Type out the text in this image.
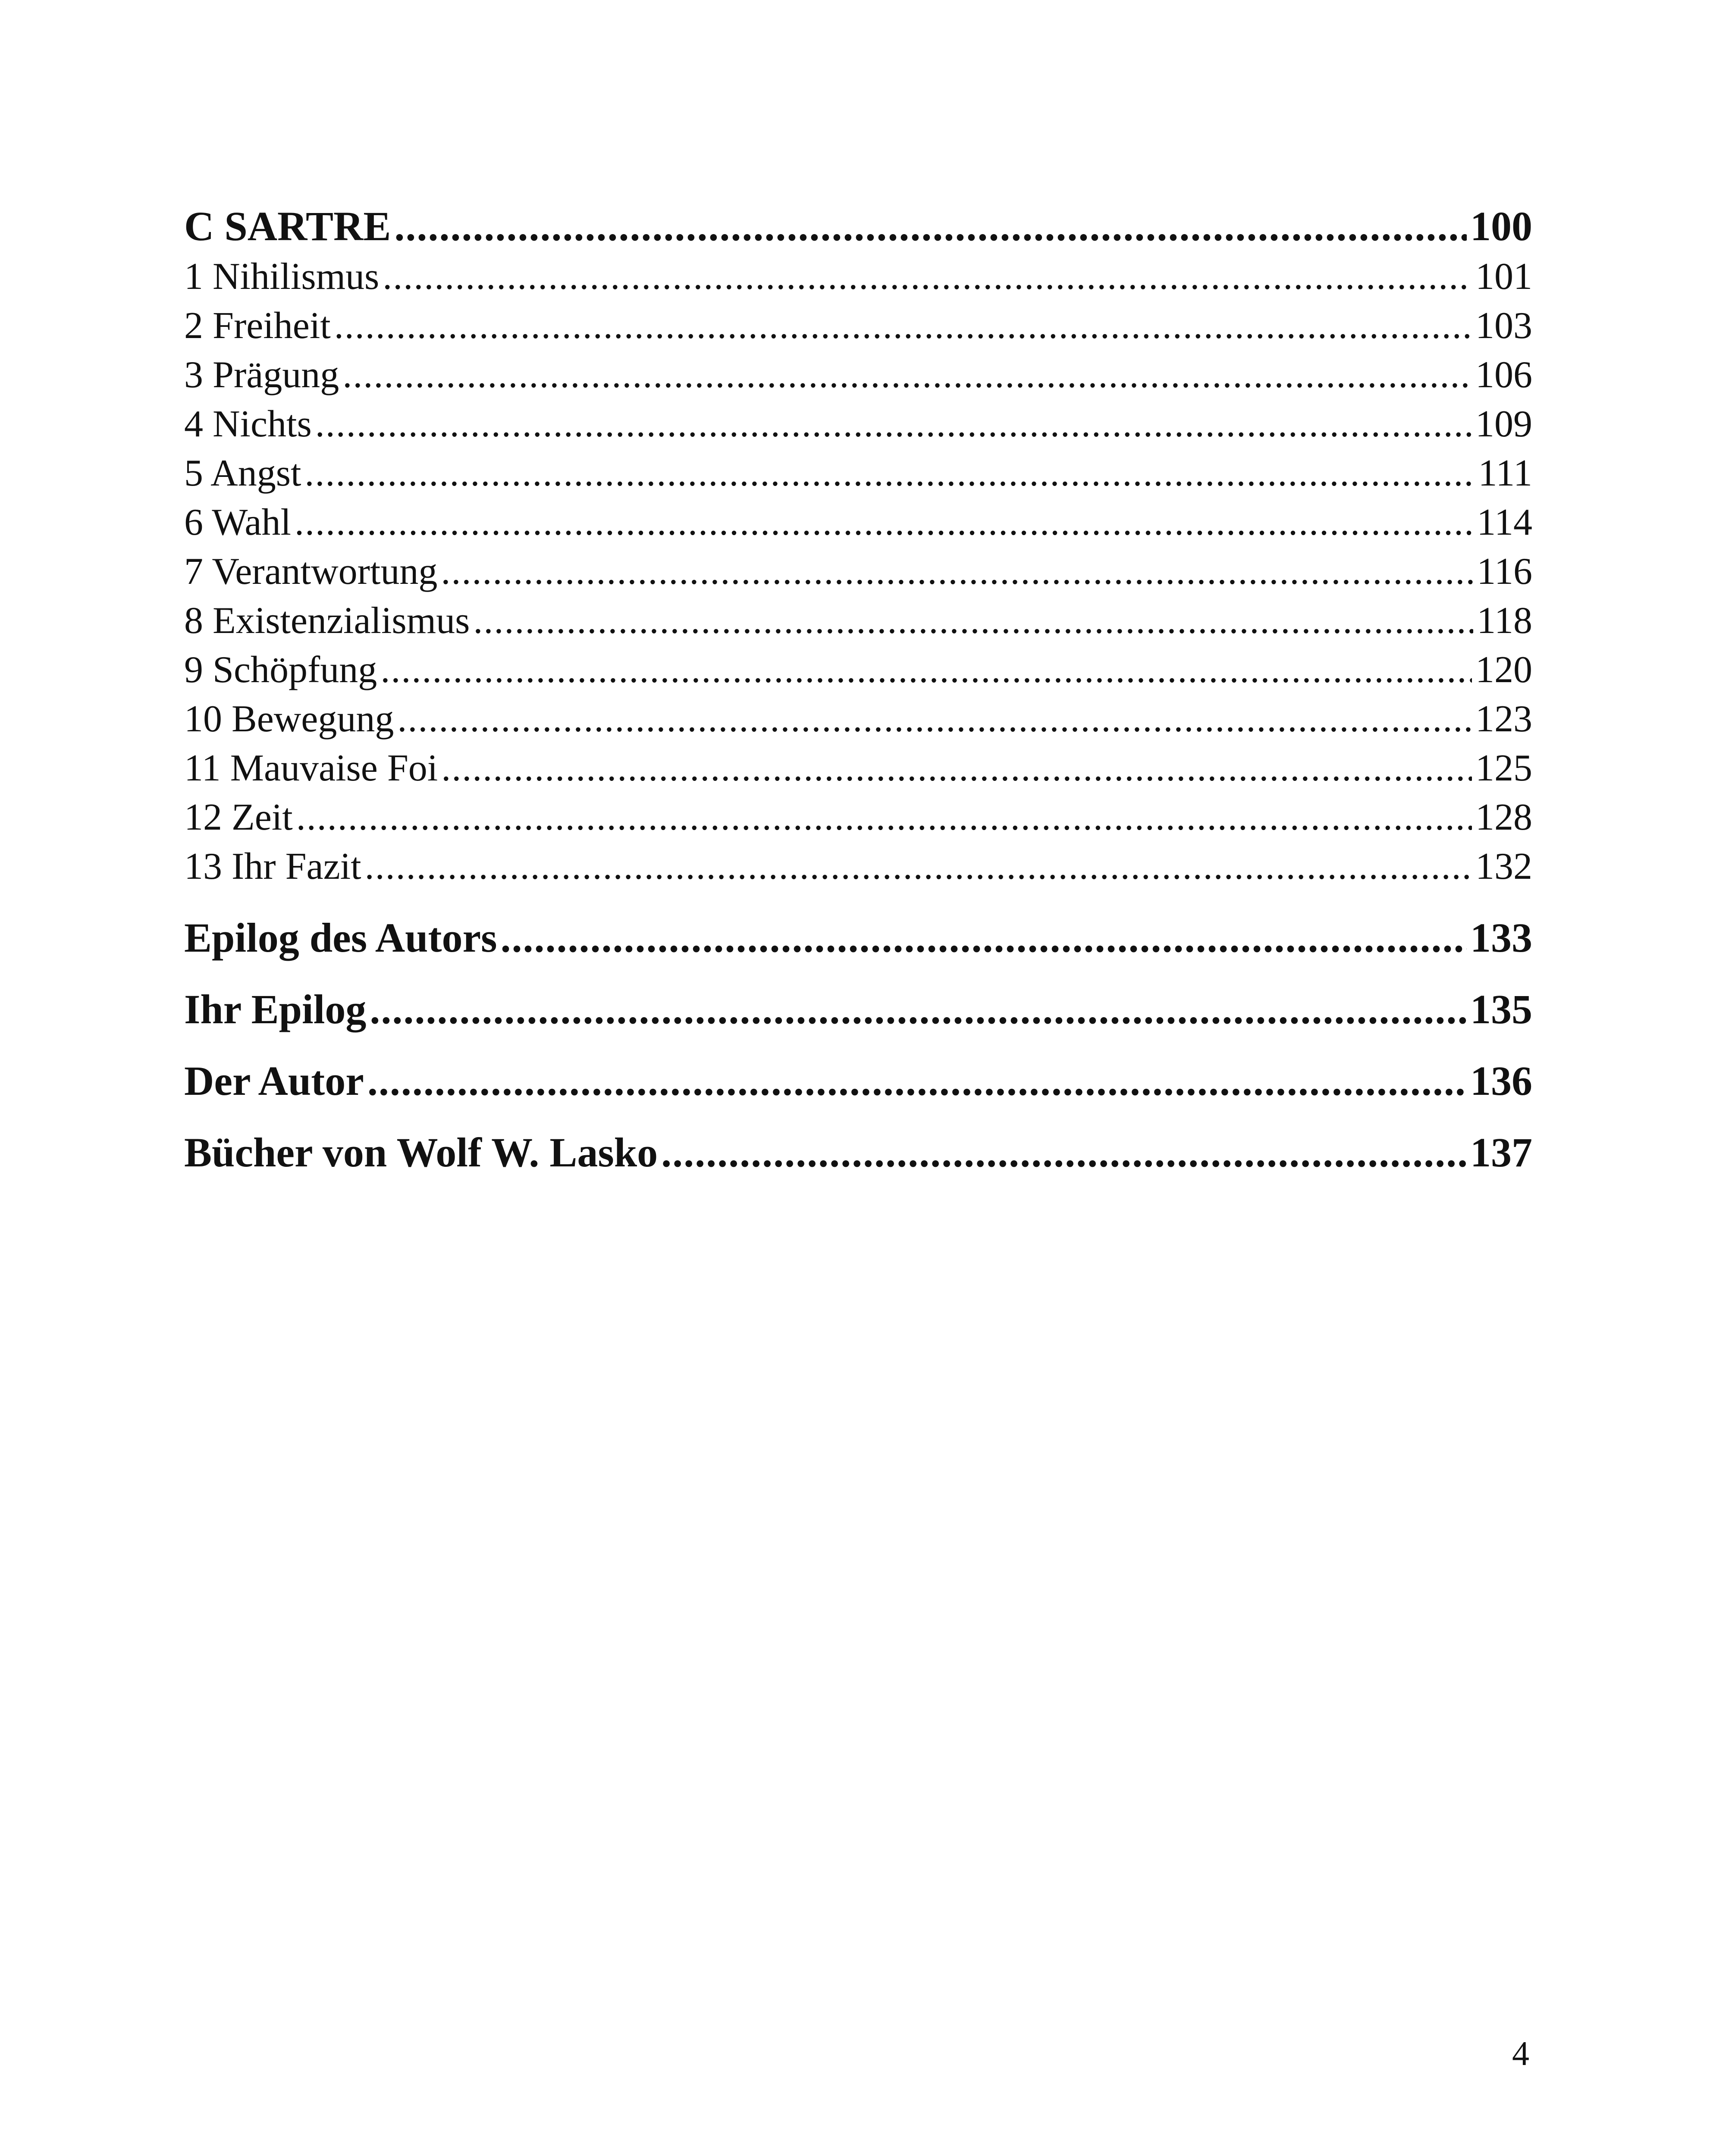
C SARTRE .....	100
1 Nihilismus .....	101
2 Freiheit .....	103
3 Prägung .....	106
4 Nichts .....	109
5 Angst .....	111
6 Wahl .....	114
7 Verantwortung .....	116
8 Existenzialismus .....	118
9 Schöpfung .....	120
10 Bewegung .....	123
11 Mauvaise Foi .....	125
12 Zeit .....	128
13 Ihr Fazit .....	132
Epilog des Autors .....	133
Ihr Epilog .....	135
Der Autor .....	136
Bücher von Wolf W. Lasko .....	137
4
